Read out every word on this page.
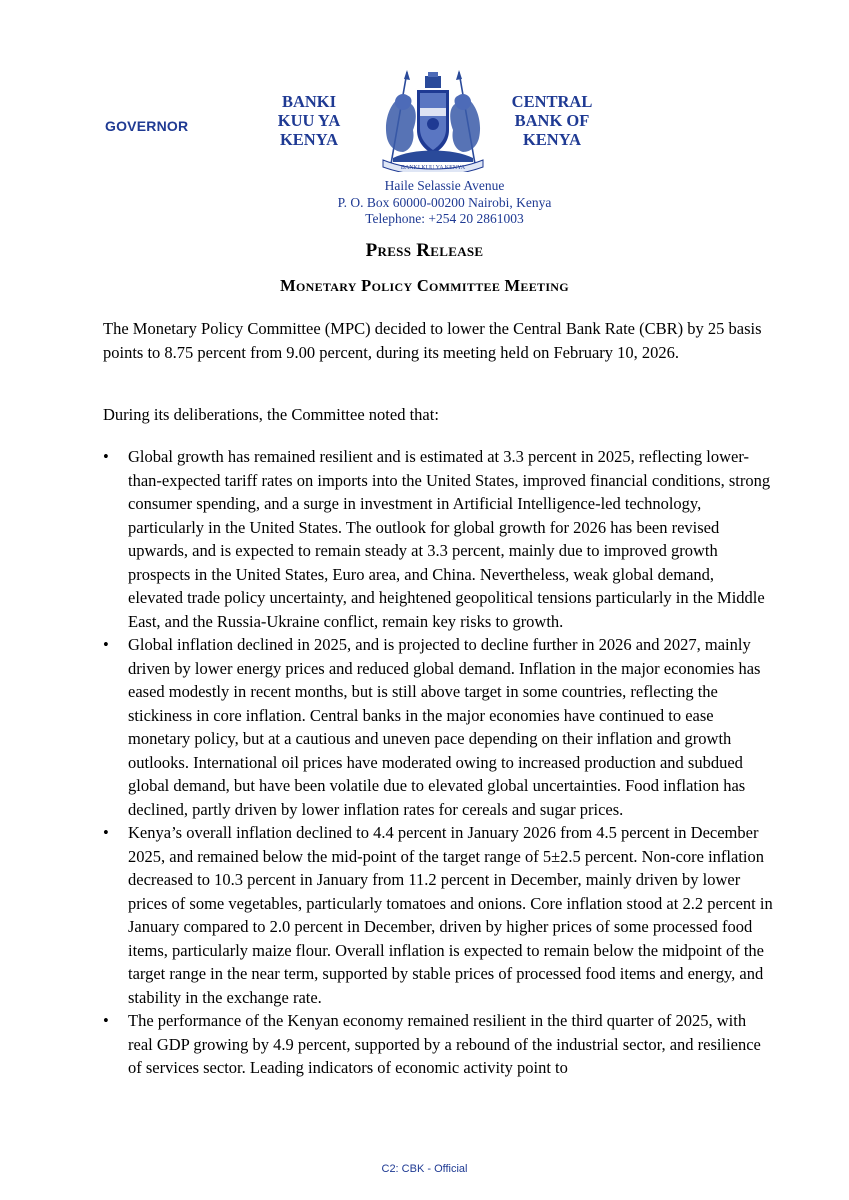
GOVERNOR
BANKI
KUU YA
KENYA
BANKI KUU YA KENYA
CENTRAL
BANK OF
KENYA
Haile Selassie Avenue
P. O. Box 60000-00200 Nairobi, Kenya
Telephone: +254 20 2861003
Press Release
Monetary Policy Committee Meeting

The Monetary Policy Committee (MPC) decided to lower the Central Bank Rate (CBR) by 25 basis points to 8.75 percent from 9.00 percent, during its meeting held on February 10, 2026.

During its deliberations, the Committee noted that:

• Global growth has remained resilient and is estimated at 3.3 percent in 2025, reflecting lower-than-expected tariff rates on imports into the United States, improved financial conditions, strong consumer spending, and a surge in investment in Artificial Intelligence-led technology, particularly in the United States. The outlook for global growth for 2026 has been revised upwards, and is expected to remain steady at 3.3 percent, mainly due to improved growth prospects in the United States, Euro area, and China. Nevertheless, weak global demand, elevated trade policy uncertainty, and heightened geopolitical tensions particularly in the Middle East, and the Russia-Ukraine conflict, remain key risks to growth.

• Global inflation declined in 2025, and is projected to decline further in 2026 and 2027, mainly driven by lower energy prices and reduced global demand. Inflation in the major economies has eased modestly in recent months, but is still above target in some countries, reflecting the stickiness in core inflation. Central banks in the major economies have continued to ease monetary policy, but at a cautious and uneven pace depending on their inflation and growth outlooks. International oil prices have moderated owing to increased production and subdued global demand, but have been volatile due to elevated global uncertainties. Food inflation has declined, partly driven by lower inflation rates for cereals and sugar prices.

• Kenya’s overall inflation declined to 4.4 percent in January 2026 from 4.5 percent in December 2025, and remained below the mid-point of the target range of 5±2.5 percent. Non-core inflation decreased to 10.3 percent in January from 11.2 percent in December, mainly driven by lower prices of some vegetables, particularly tomatoes and onions. Core inflation stood at 2.2 percent in January compared to 2.0 percent in December, driven by higher prices of some processed food items, particularly maize flour. Overall inflation is expected to remain below the midpoint of the target range in the near term, supported by stable prices of processed food items and energy, and stability in the exchange rate.

• The performance of the Kenyan economy remained resilient in the third quarter of 2025, with real GDP growing by 4.9 percent, supported by a rebound of the industrial sector, and resilience of services sector. Leading indicators of economic activity point to

C2: CBK - Official
